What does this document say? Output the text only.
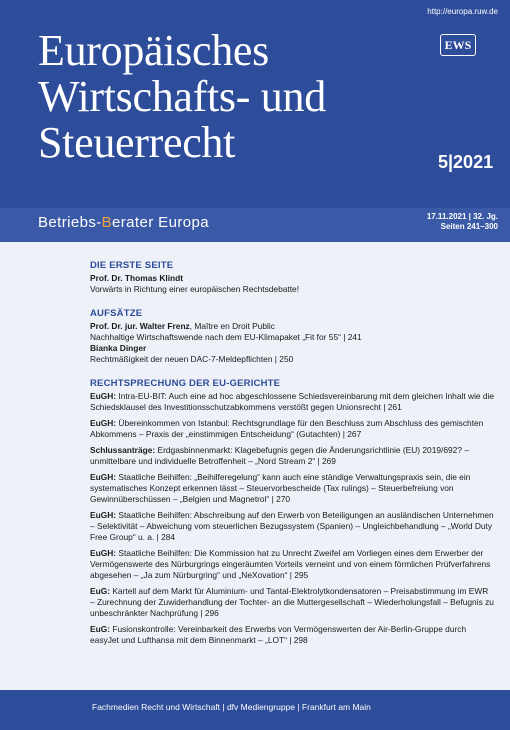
http://europa.ruw.de
Europäisches
Wirtschafts- und
Steuerrecht
EWS
5|2021
Betriebs-Berater Europa	17.11.2021 | 32. Jg.
Seiten 241–300
DIE ERSTE SEITE
Prof. Dr. Thomas Klindt
Vorwärts in Richtung einer europäischen Rechtsdebatte!
AUFSÄTZE
Prof. Dr. jur. Walter Frenz, Maître en Droit Public
Nachhaltige Wirtschaftswende nach dem EU-Klimapaket „Fit for 55“ | 241
Bianka Dinger
Rechtmäßigkeit der neuen DAC-7-Meldepflichten | 250
RECHTSPRECHUNG DER EU-GERICHTE
EuGH: Intra-EU-BIT: Auch eine ad hoc abgeschlossene Schiedsvereinbarung mit dem gleichen Inhalt wie die Schiedsklausel des Investitionsschutzabkommens verstößt gegen Unionsrecht | 261
EuGH: Übereinkommen von Istanbul: Rechtsgrundlage für den Beschluss zum Abschluss des gemischten Abkommens – Praxis der „einstimmigen Entscheidung“ (Gutachten) | 267
Schlussanträge: Erdgasbinnenmarkt: Klagebefugnis gegen die Änderungsrichtlinie (EU) 2019/692? – unmittelbare und individuelle Betroffenheit – „Nord Stream 2“ | 269
EuGH: Staatliche Beihilfen: „Beihilferegelung“ kann auch eine ständige Verwaltungspraxis sein, die ein systematisches Konzept erkennen lässt – Steuervorbescheide (Tax rulings) – Steuerbefreiung von Gewinnüberschüssen – „Belgien und Magnetrol“ | 270
EuGH: Staatliche Beihilfen: Abschreibung auf den Erwerb von Beteiligungen an ausländischen Unternehmen – Selektivität – Abweichung vom steuerlichen Bezugssystem (Spanien) – Ungleichbehandlung – „World Duty Free Group“ u. a. | 284
EuGH: Staatliche Beihilfen: Die Kommission hat zu Unrecht Zweifel am Vorliegen eines dem Erwerber der Vermögenswerte des Nürburgrings eingeräumten Vorteils verneint und von einem förmlichen Prüfverfahrens abgesehen – „Ja zum Nürburgring“ und „NeXovation“ | 295
EuG: Kartell auf dem Markt für Aluminium- und Tantal-Elektrolytkondensatoren – Preisabstimmung im EWR – Zurechnung der Zuwiderhandlung der Tochter- an die Muttergesellschaft – Wiederholungsfall – Befugnis zu unbeschränkter Nachprüfung | 296
EuG: Fusionskontrolle: Vereinbarkeit des Erwerbs von Vermögenswerten der Air-Berlin-Gruppe durch easyJet und Lufthansa mit dem Binnenmarkt – „LOT“ | 298
Fachmedien Recht und Wirtschaft | dfv Mediengruppe | Frankfurt am Main
